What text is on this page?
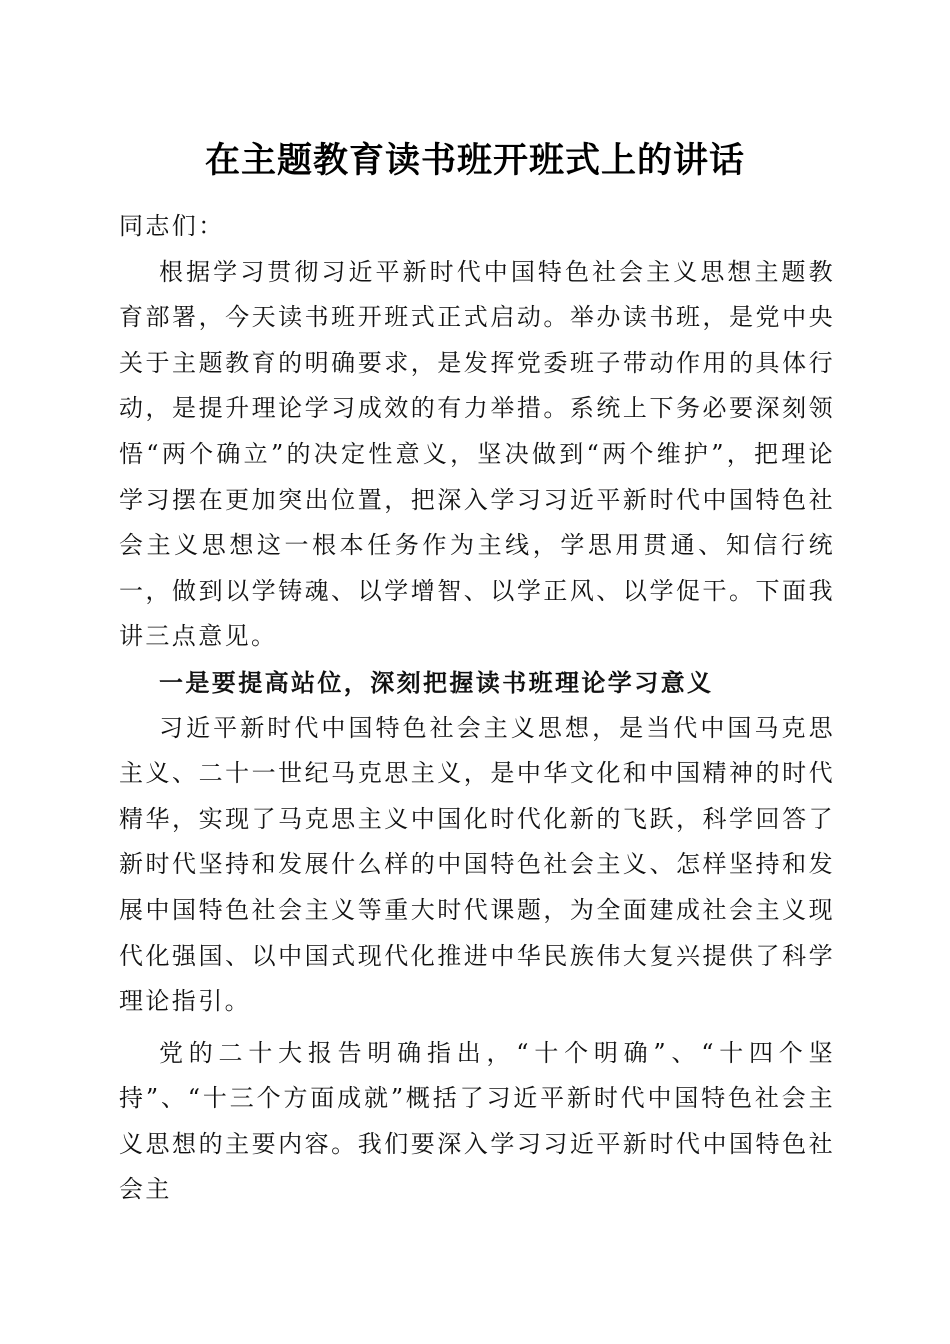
在主题教育读书班开班式上的讲话

同志们：

根据学习贯彻习近平新时代中国特色社会主义思想主题教育部署，今天读书班开班式正式启动。举办读书班，是党中央关于主题教育的明确要求，是发挥党委班子带动作用的具体行动，是提升理论学习成效的有力举措。系统上下务必要深刻领悟“两个确立”的决定性意义，坚决做到“两个维护”，把理论学习摆在更加突出位置，把深入学习习近平新时代中国特色社会主义思想这一根本任务作为主线，学思用贯通、知信行统一，做到以学铸魂、以学增智、以学正风、以学促干。下面我讲三点意见。

一是要提高站位，深刻把握读书班理论学习意义

习近平新时代中国特色社会主义思想，是当代中国马克思主义、二十一世纪马克思主义，是中华文化和中国精神的时代精华，实现了马克思主义中国化时代化新的飞跃，科学回答了新时代坚持和发展什么样的中国特色社会主义、怎样坚持和发展中国特色社会主义等重大时代课题，为全面建成社会主义现代化强国、以中国式现代化推进中华民族伟大复兴提供了科学理论指引。

党的二十大报告明确指出，“十个明确”、“十四个坚持”、“十三个方面成就”概括了习近平新时代中国特色社会主义思想的主要内容。我们要深入学习习近平新时代中国特色社会主
